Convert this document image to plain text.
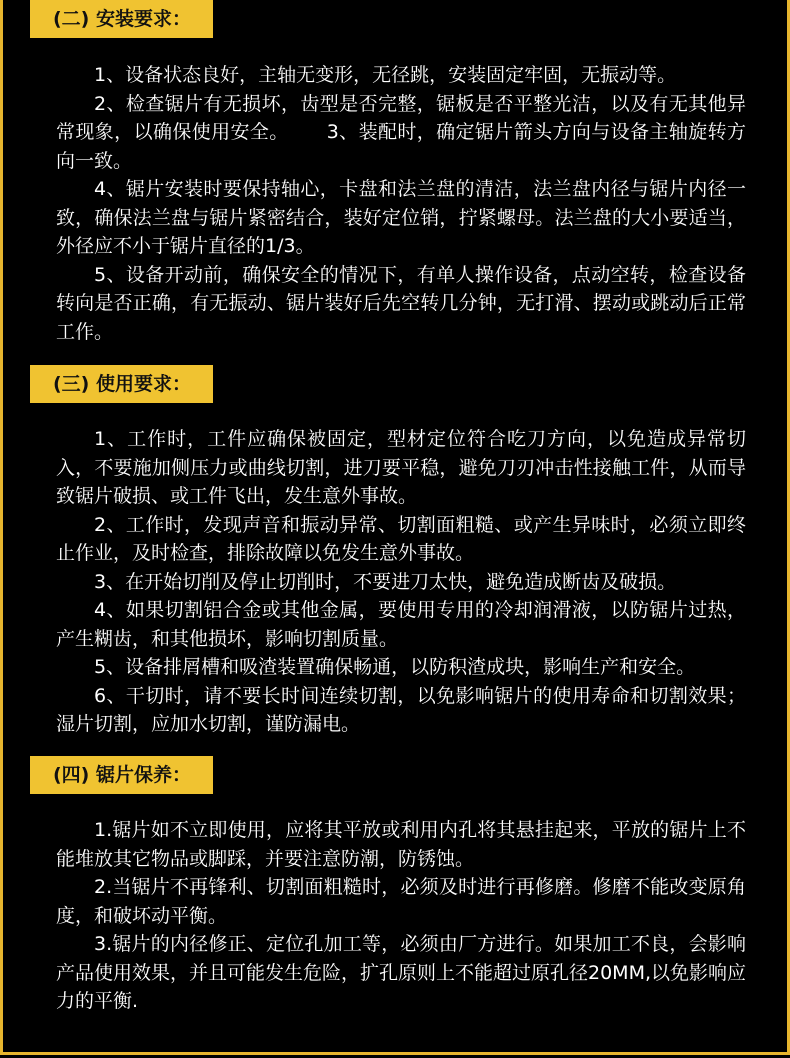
(二) 安装要求：

1、设备状态良好，主轴无变形，无径跳，安装固定牢固，无振动等。

2、检查锯片有无损坏，齿型是否完整，锯板是否平整光洁，以及有无其他异常现象，以确保使用安全。   3、装配时，确定锯片箭头方向与设备主轴旋转方向一致。

4、锯片安装时要保持轴心，卡盘和法兰盘的清洁，法兰盘内径与锯片内径一致，确保法兰盘与锯片紧密结合，装好定位销，拧紧螺母。法兰盘的大小要适当，外径应不小于锯片直径的1/3。

5、设备开动前，确保安全的情况下，有单人操作设备，点动空转，检查设备转向是否正确，有无振动、锯片装好后先空转几分钟，无打滑、摆动或跳动后正常工作。

(三) 使用要求：

1、工作时，工件应确保被固定，型材定位符合吃刀方向，以免造成异常切入，不要施加侧压力或曲线切割，进刀要平稳，避免刀刃冲击性接触工件，从而导致锯片破损、或工件飞出，发生意外事故。

2、工作时，发现声音和振动异常、切割面粗糙、或产生异味时，必须立即终止作业，及时检查，排除故障以免发生意外事故。

3、在开始切削及停止切削时，不要进刀太快，避免造成断齿及破损。

4、如果切割铝合金或其他金属，要使用专用的冷却润滑液，以防锯片过热，产生糊齿，和其他损坏，影响切割质量。

5、设备排屑槽和吸渣装置确保畅通，以防积渣成块，影响生产和安全。

6、干切时，请不要长时间连续切割，以免影响锯片的使用寿命和切割效果；湿片切割，应加水切割，谨防漏电。

(四) 锯片保养：

1.锯片如不立即使用，应将其平放或利用内孔将其悬挂起来，平放的锯片上不能堆放其它物品或脚踩，并要注意防潮，防锈蚀。

2.当锯片不再锋利、切割面粗糙时，必须及时进行再修磨。修磨不能改变原角度，和破坏动平衡。

3.锯片的内径修正、定位孔加工等，必须由厂方进行。如果加工不良，会影响产品使用效果，并且可能发生危险，扩孔原则上不能超过原孔径20MM,以免影响应力的平衡.
